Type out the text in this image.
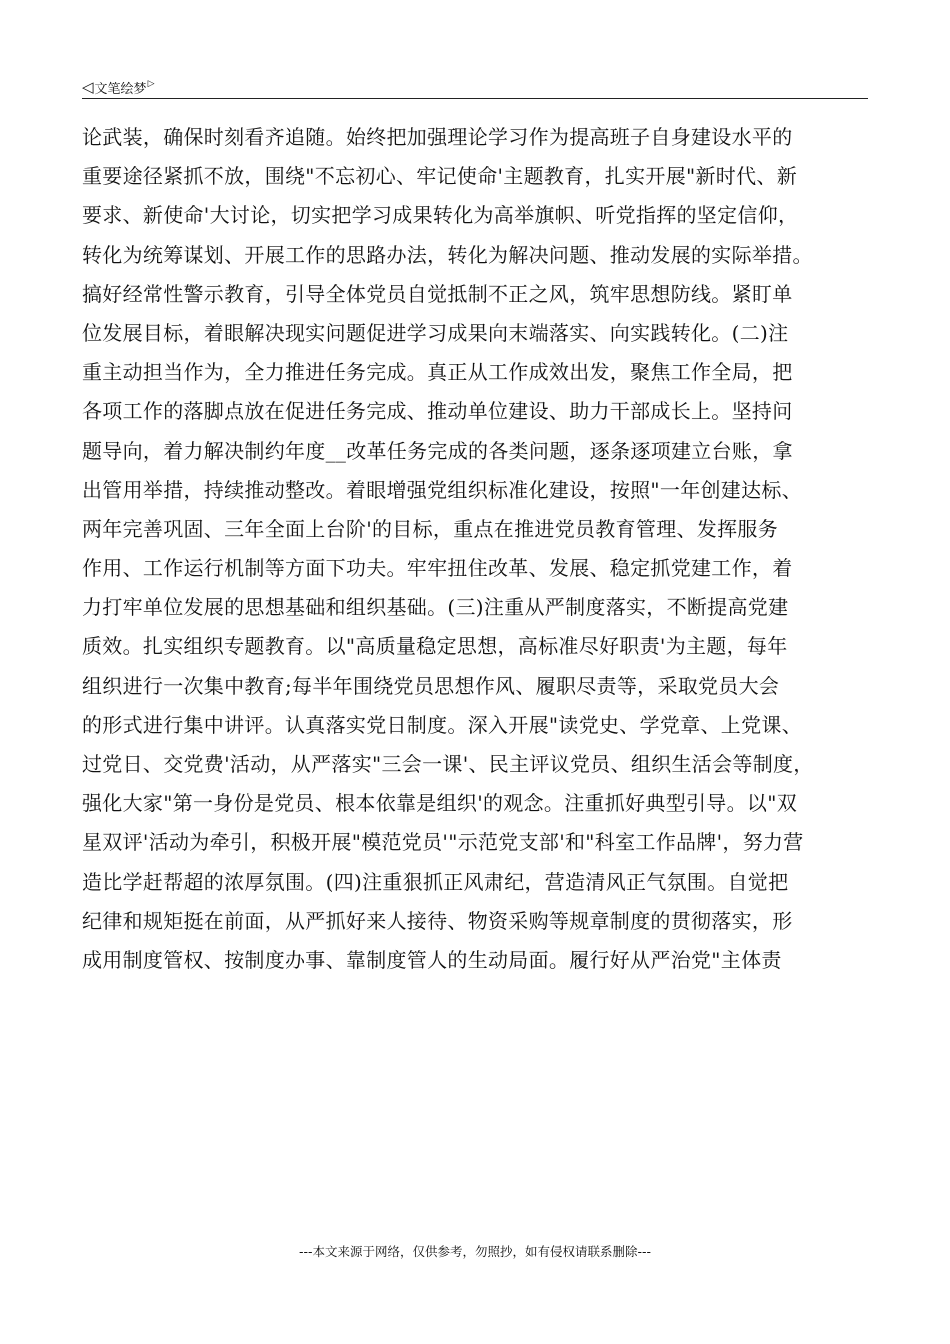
◁ 文笔绘梦 ▷
论武装，确保时刻看齐追随。始终把加强理论学习作为提高班子自身建设水平的
重要途径紧抓不放，围绕"不忘初心、牢记使命'主题教育，扎实开展"新时代、新
要求、新使命'大讨论，切实把学习成果转化为高举旗帜、听党指挥的坚定信仰，
转化为统筹谋划、开展工作的思路办法，转化为解决问题、推动发展的实际举措。
搞好经常性警示教育，引导全体党员自觉抵制不正之风，筑牢思想防线。紧盯单
位发展目标，着眼解决现实问题促进学习成果向末端落实、向实践转化。(二)注
重主动担当作为，全力推进任务完成。真正从工作成效出发，聚焦工作全局，把
各项工作的落脚点放在促进任务完成、推动单位建设、助力干部成长上。坚持问
题导向，着力解决制约年度__改革任务完成的各类问题，逐条逐项建立台账，拿
出管用举措，持续推动整改。着眼增强党组织标准化建设，按照"一年创建达标、
两年完善巩固、三年全面上台阶'的目标，重点在推进党员教育管理、发挥服务
作用、工作运行机制等方面下功夫。牢牢扭住改革、发展、稳定抓党建工作，着
力打牢单位发展的思想基础和组织基础。(三)注重从严制度落实，不断提高党建
质效。扎实组织专题教育。以"高质量稳定思想，高标准尽好职责'为主题，每年
组织进行一次集中教育;每半年围绕党员思想作风、履职尽责等，采取党员大会
的形式进行集中讲评。认真落实党日制度。深入开展"读党史、学党章、上党课、
过党日、交党费'活动，从严落实"三会一课'、民主评议党员、组织生活会等制度，
强化大家"第一身份是党员、根本依靠是组织'的观念。注重抓好典型引导。以"双
星双评'活动为牵引，积极开展"模范党员'"示范党支部'和"科室工作品牌'，努力营
造比学赶帮超的浓厚氛围。(四)注重狠抓正风肃纪，营造清风正气氛围。自觉把
纪律和规矩挺在前面，从严抓好来人接待、物资采购等规章制度的贯彻落实，形
成用制度管权、按制度办事、靠制度管人的生动局面。履行好从严治党"主体责
---本文来源于网络，仅供参考，勿照抄，如有侵权请联系删除---
